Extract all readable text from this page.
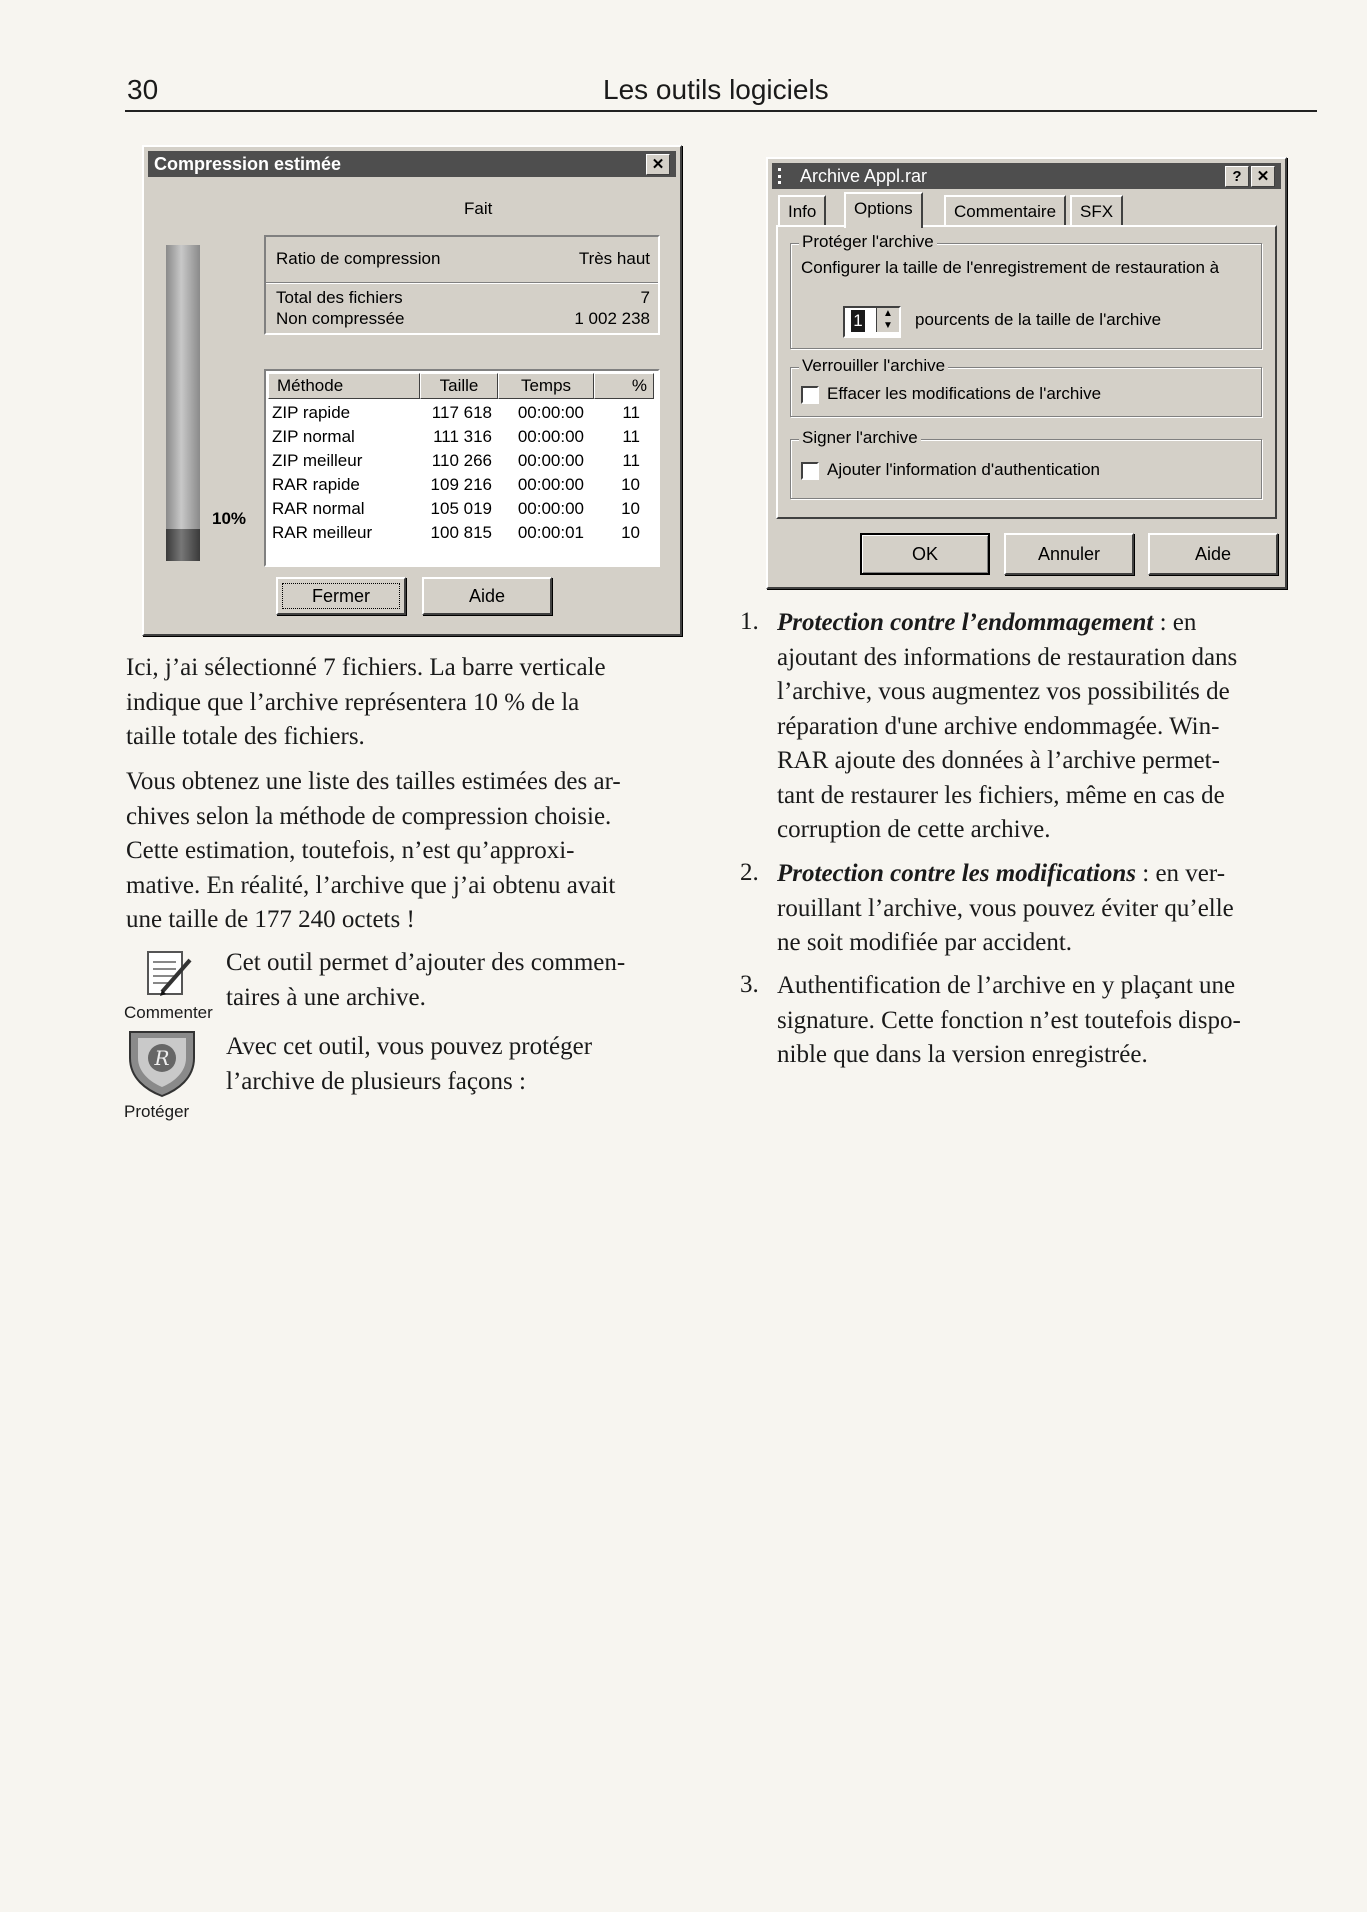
30	Les outils logiciels
Compression estimée	✕
Fait
10%
Ratio de compression	Très haut
Total des fichiers	7
Non compressée	1 002 238
Méthode	Taille	Temps	%
ZIP rapide	117 618	00:00:00	11
ZIP normal	111 316	00:00:00	11
ZIP meilleur	110 266	00:00:00	11
RAR rapide	109 216	00:00:00	10
RAR normal	105 019	00:00:00	10
RAR meilleur	100 815	00:00:01	10
Fermer	Aide
Archive Appl.rar	?	✕
Info	Options	Commentaire	SFX
Protéger l'archive
Configurer la taille de l'enregistrement de restauration à
1	▲
▼	pourcents de la taille de l'archive
Verrouiller l'archive
Effacer les modifications de l'archive
Signer l'archive
Ajouter l'information d'authentication
OK	Annuler	Aide
Ici, j’ai sélectionné 7 fichiers. La barre verticale
indique que l’archive représentera 10 % de la
taille totale des fichiers.
Vous obtenez une liste des tailles estimées des ar-
chives selon la méthode de compression choisie.
Cette estimation, toutefois, n’est qu’approxi-
mative. En réalité, l’archive que j’ai obtenu avait
une taille de 177 240 octets !
Commenter
Cet outil permet d’ajouter des commen-
taires à une archive.
R
Protéger
Avec cet outil, vous pouvez protéger
l’archive de plusieurs façons :
1. Protection contre l’endommagement : en
ajoutant des informations de restauration dans
l’archive, vous augmentez vos possibilités de
réparation d'une archive endommagée. Win-
RAR ajoute des données à l’archive permet-
tant de restaurer les fichiers, même en cas de
corruption de cette archive.
2. Protection contre les modifications : en ver-
rouillant l’archive, vous pouvez éviter qu’elle
ne soit modifiée par accident.
3. Authentification de l’archive en y plaçant une
signature. Cette fonction n’est toutefois dispo-
nible que dans la version enregistrée.
